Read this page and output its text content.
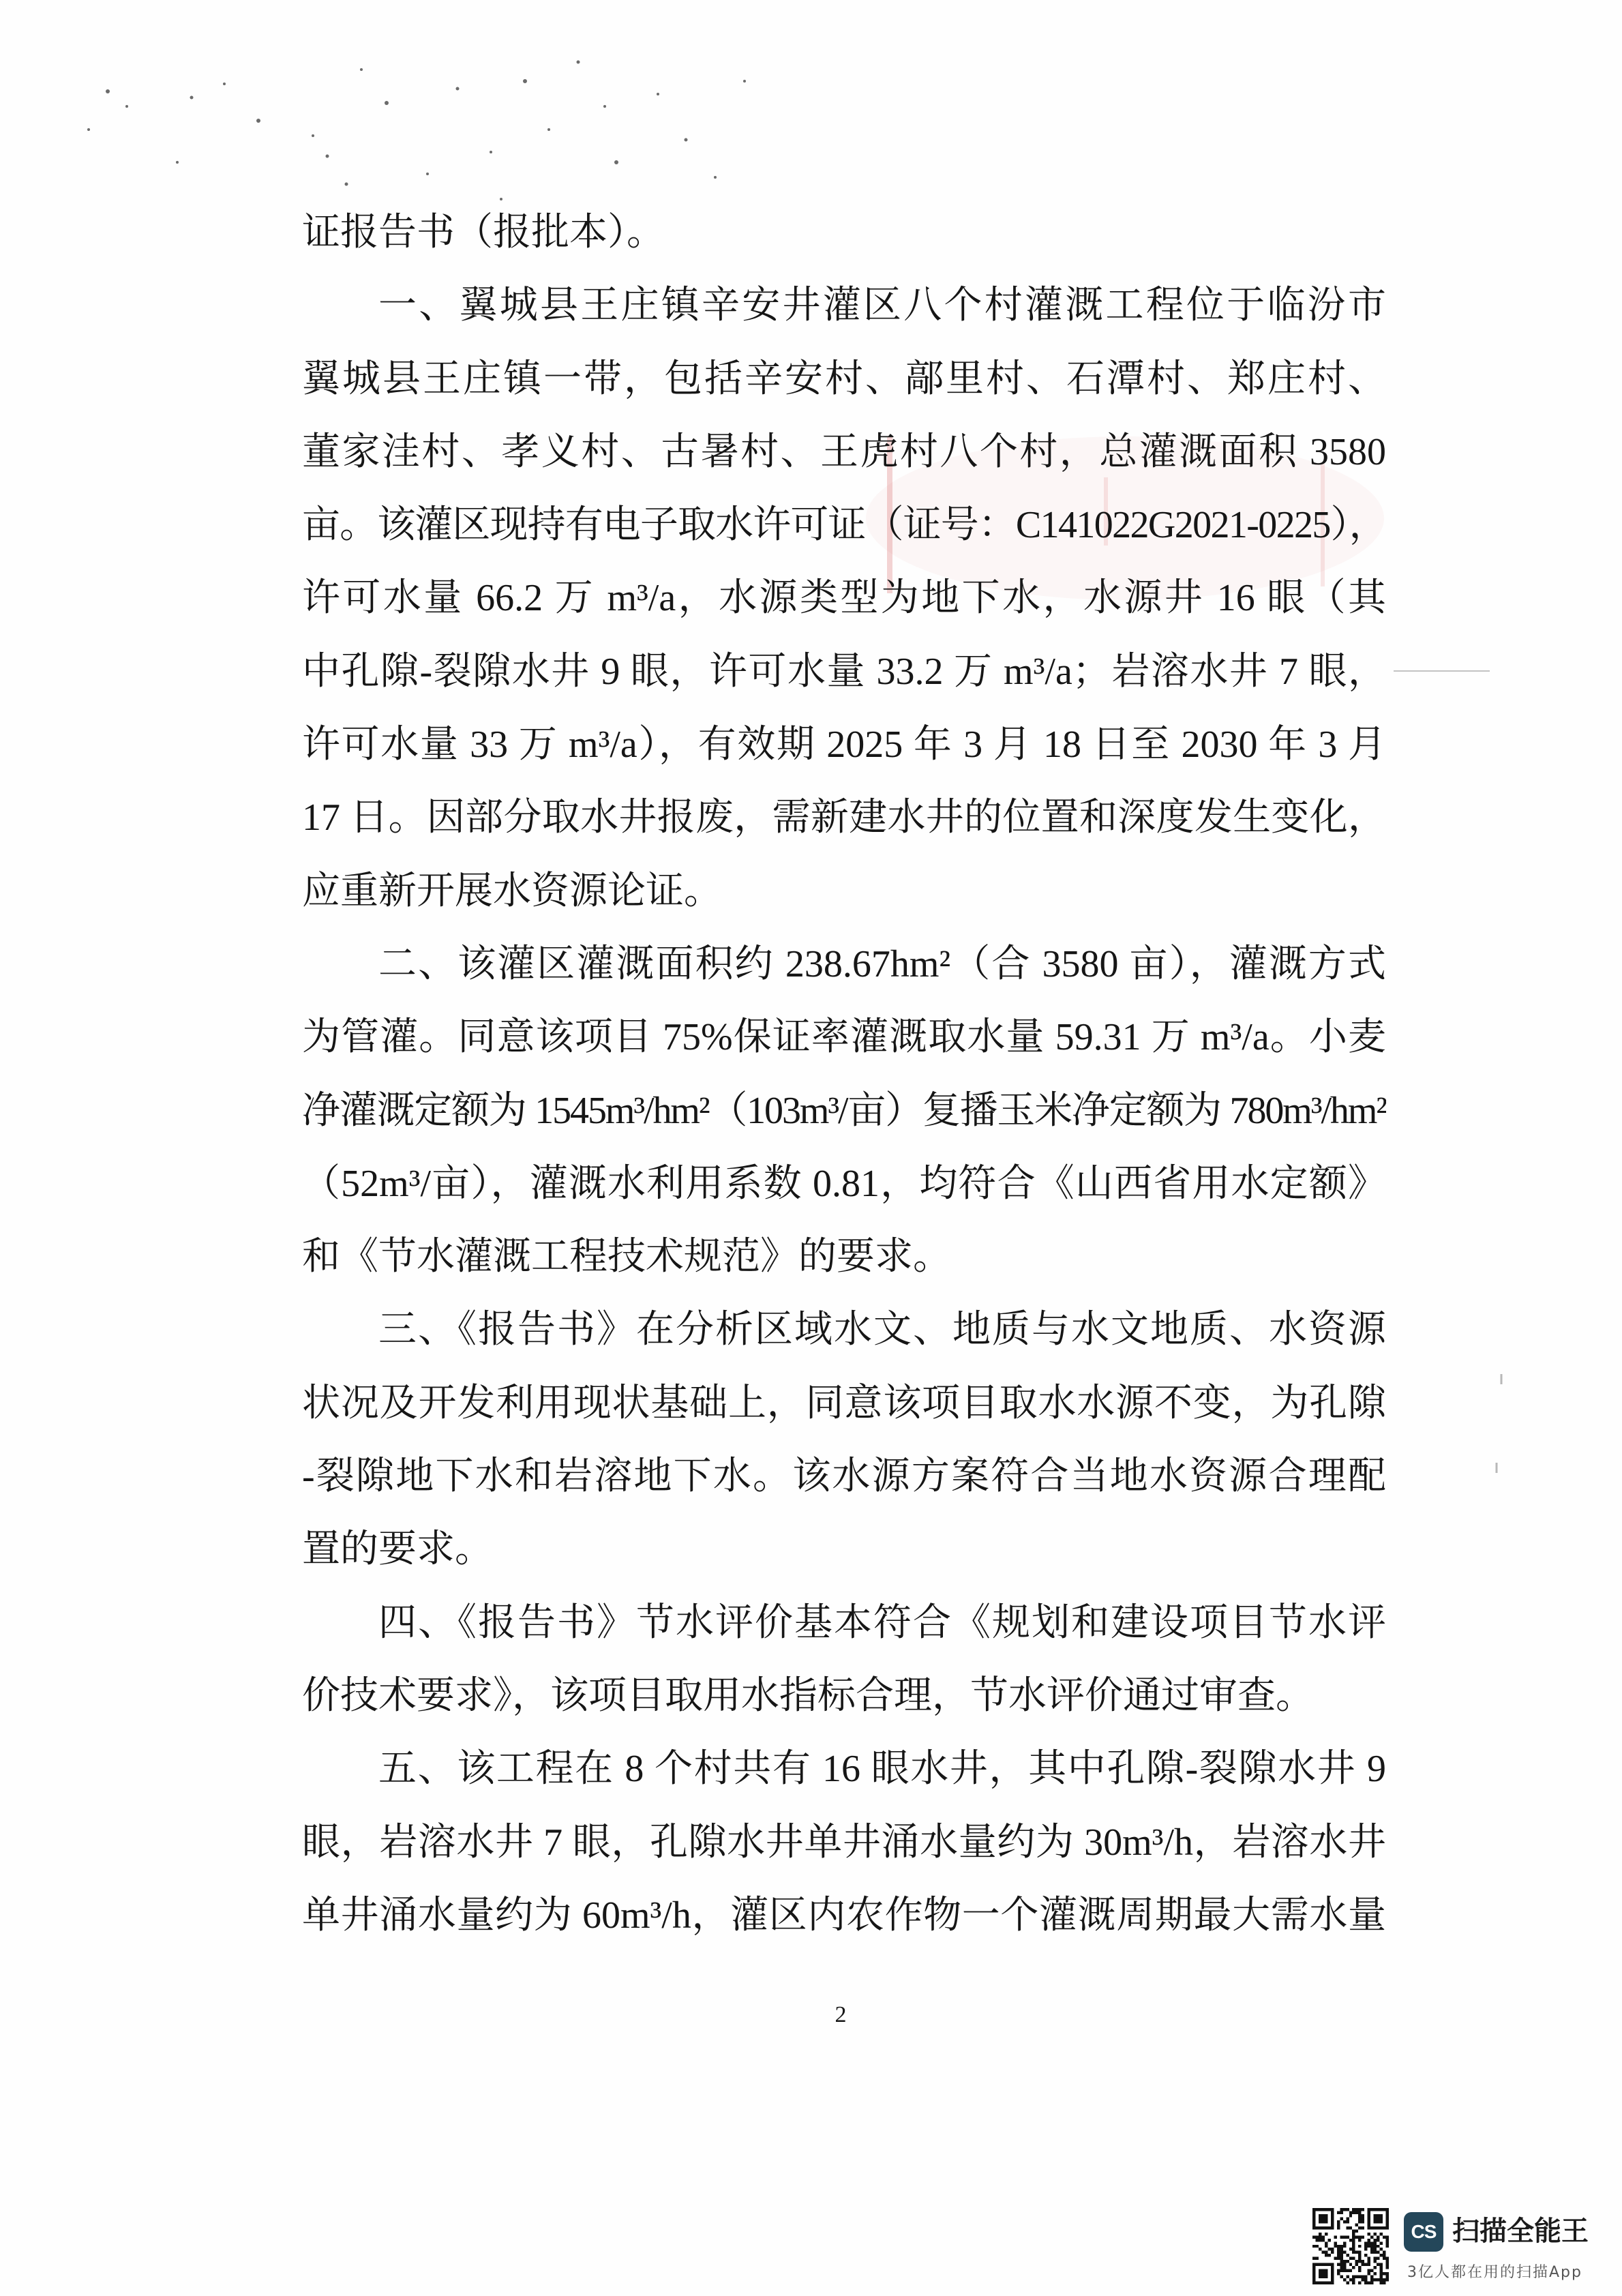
证报告书（报批本）。
一、翼城县王庄镇辛安井灌区八个村灌溉工程位于临汾市
翼城县王庄镇一带，包括辛安村、鄗里村、石潭村、郑庄村、
董家洼村、孝义村、古暑村、王虎村八个村，总灌溉面积 3580
亩。该灌区现持有电子取水许可证（证号：C141022G2021-0225），
许可水量 66.2 万 m³/a，水源类型为地下水，水源井 16 眼（其
中孔隙-裂隙水井 9 眼，许可水量 33.2 万 m³/a；岩溶水井 7 眼，
许可水量 33 万 m³/a），有效期 2025 年 3 月 18 日至 2030 年 3 月
17 日。因部分取水井报废，需新建水井的位置和深度发生变化，
应重新开展水资源论证。
二、该灌区灌溉面积约 238.67hm²（合 3580 亩），灌溉方式
为管灌。同意该项目 75%保证率灌溉取水量 59.31 万 m³/a。小麦
净灌溉定额为 1545m³/hm²（103m³/亩）复播玉米净定额为 780m³/hm²
（52m³/亩），灌溉水利用系数 0.81，均符合《山西省用水定额》
和《节水灌溉工程技术规范》的要求。
三、《报告书》在分析区域水文、地质与水文地质、水资源
状况及开发利用现状基础上，同意该项目取水水源不变，为孔隙
-裂隙地下水和岩溶地下水。该水源方案符合当地水资源合理配
置的要求。
四、《报告书》节水评价基本符合《规划和建设项目节水评
价技术要求》，该项目取用水指标合理，节水评价通过审查。
五、该工程在 8 个村共有 16 眼水井，其中孔隙-裂隙水井 9
眼，岩溶水井 7 眼，孔隙水井单井涌水量约为 30m³/h，岩溶水井
单井涌水量约为 60m³/h，灌区内农作物一个灌溉周期最大需水量
2
CS 扫描全能王
3亿人都在用的扫描App
